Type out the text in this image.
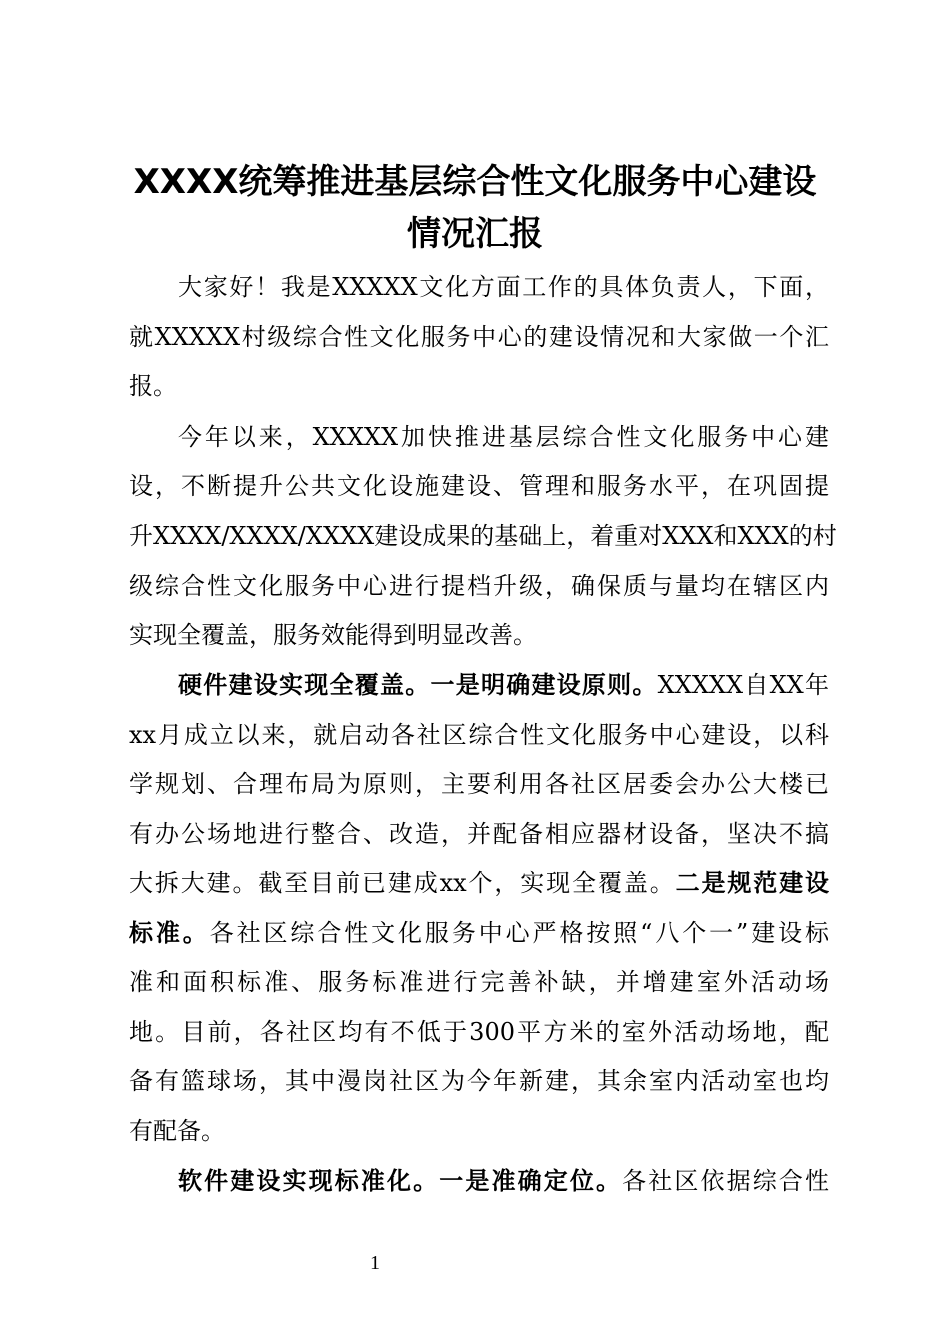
XXXX统筹推进基层综合性文化服务中心建设
情况汇报
大家好！我是XXXXX文化方面工作的具体负责人，下面，
就XXXXX村级综合性文化服务中心的建设情况和大家做一个汇
报。
今年以来，XXXXX加快推进基层综合性文化服务中心建
设，不断提升公共文化设施建设、管理和服务水平，在巩固提
升XXXX/XXXX/XXXX建设成果的基础上，着重对XXX和XXX的村
级综合性文化服务中心进行提档升级，确保质与量均在辖区内
实现全覆盖，服务效能得到明显改善。
硬件建设实现全覆盖。一是明确建设原则。XXXXX自XX年
xx月成立以来，就启动各社区综合性文化服务中心建设，以科
学规划、合理布局为原则，主要利用各社区居委会办公大楼已
有办公场地进行整合、改造，并配备相应器材设备，坚决不搞
大拆大建。截至目前已建成xx个，实现全覆盖。二是规范建设
标准。各社区综合性文化服务中心严格按照“八个一”建设标
准和面积标准、服务标准进行完善补缺，并增建室外活动场
地。目前，各社区均有不低于300平方米的室外活动场地，配
备有篮球场，其中漫岗社区为今年新建，其余室内活动室也均
有配备。
软件建设实现标准化。一是准确定位。各社区依据综合性
1
